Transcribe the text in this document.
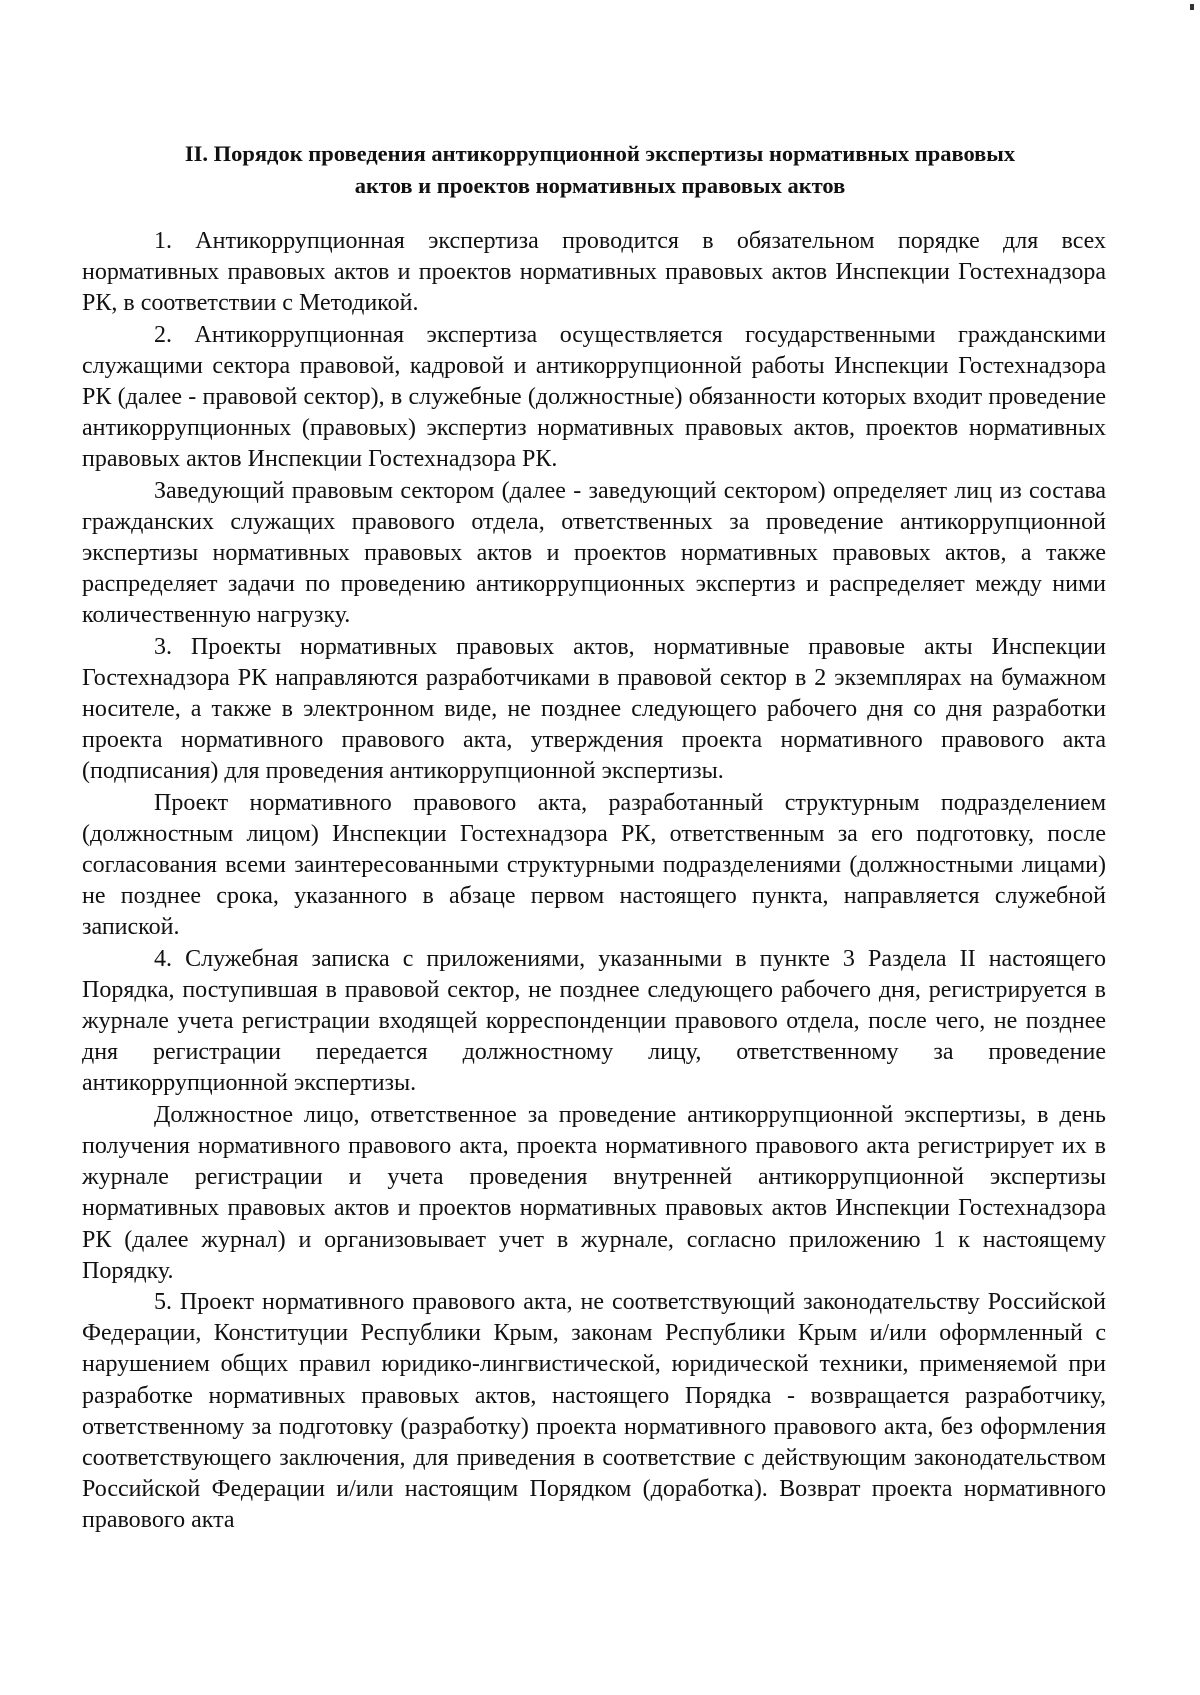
II. Порядок проведения антикоррупционной экспертизы нормативных правовых
актов и проектов нормативных правовых актов

1. Антикоррупционная экспертиза проводится в обязательном порядке для всех нормативных правовых актов и проектов нормативных правовых актов Инспекции Гостехнадзора РК, в соответствии с Методикой.

2. Антикоррупционная экспертиза осуществляется государственными гражданскими служащими сектора правовой, кадровой и антикоррупционной работы Инспекции Гостехнадзора РК (далее - правовой сектор), в служебные (должностные) обязанности которых входит проведение антикоррупционных (правовых) экспертиз нормативных правовых актов, проектов нормативных правовых актов Инспекции Гостехнадзора РК.

Заведующий правовым сектором (далее - заведующий сектором) определяет лиц из состава гражданских служащих правового отдела, ответственных за проведение антикоррупционной экспертизы нормативных правовых актов и проектов нормативных правовых актов, а также распределяет задачи по проведению антикоррупционных экспертиз и распределяет между ними количественную нагрузку.

3. Проекты нормативных правовых актов, нормативные правовые акты Инспекции Гостехнадзора РК направляются разработчиками в правовой сектор в 2 экземплярах на бумажном носителе, а также в электронном виде, не позднее следующего рабочего дня со дня разработки проекта нормативного правового акта, утверждения проекта нормативного правового акта (подписания) для проведения антикоррупционной экспертизы.

Проект нормативного правового акта, разработанный структурным подразделением (должностным лицом) Инспекции Гостехнадзора РК, ответственным за его подготовку, после согласования всеми заинтересованными структурными подразделениями (должностными лицами) не позднее срока, указанного в абзаце первом настоящего пункта, направляется служебной запиской.

4. Служебная записка с приложениями, указанными в пункте 3 Раздела II настоящего Порядка, поступившая в правовой сектор, не позднее следующего рабочего дня, регистрируется в журнале учета регистрации входящей корреспонденции правового отдела, после чего, не позднее дня регистрации передается должностному лицу, ответственному за проведение антикоррупционной экспертизы.

Должностное лицо, ответственное за проведение антикоррупционной экспертизы, в день получения нормативного правового акта, проекта нормативного правового акта регистрирует их в журнале регистрации и учета проведения внутренней антикоррупционной экспертизы нормативных правовых актов и проектов нормативных правовых актов Инспекции Гостехнадзора РК (далее журнал) и организовывает учет в журнале, согласно приложению 1 к настоящему Порядку.

5. Проект нормативного правового акта, не соответствующий законодательству Российской Федерации, Конституции Республики Крым, законам Республики Крым и/или оформленный с нарушением общих правил юридико-лингвистической, юридической техники, применяемой при разработке нормативных правовых актов, настоящего Порядка - возвращается разработчику, ответственному за подготовку (разработку) проекта нормативного правового акта, без оформления соответствующего заключения, для приведения в соответствие с действующим законодательством Российской Федерации и/или настоящим Порядком (доработка). Возврат проекта нормативного правового акта
